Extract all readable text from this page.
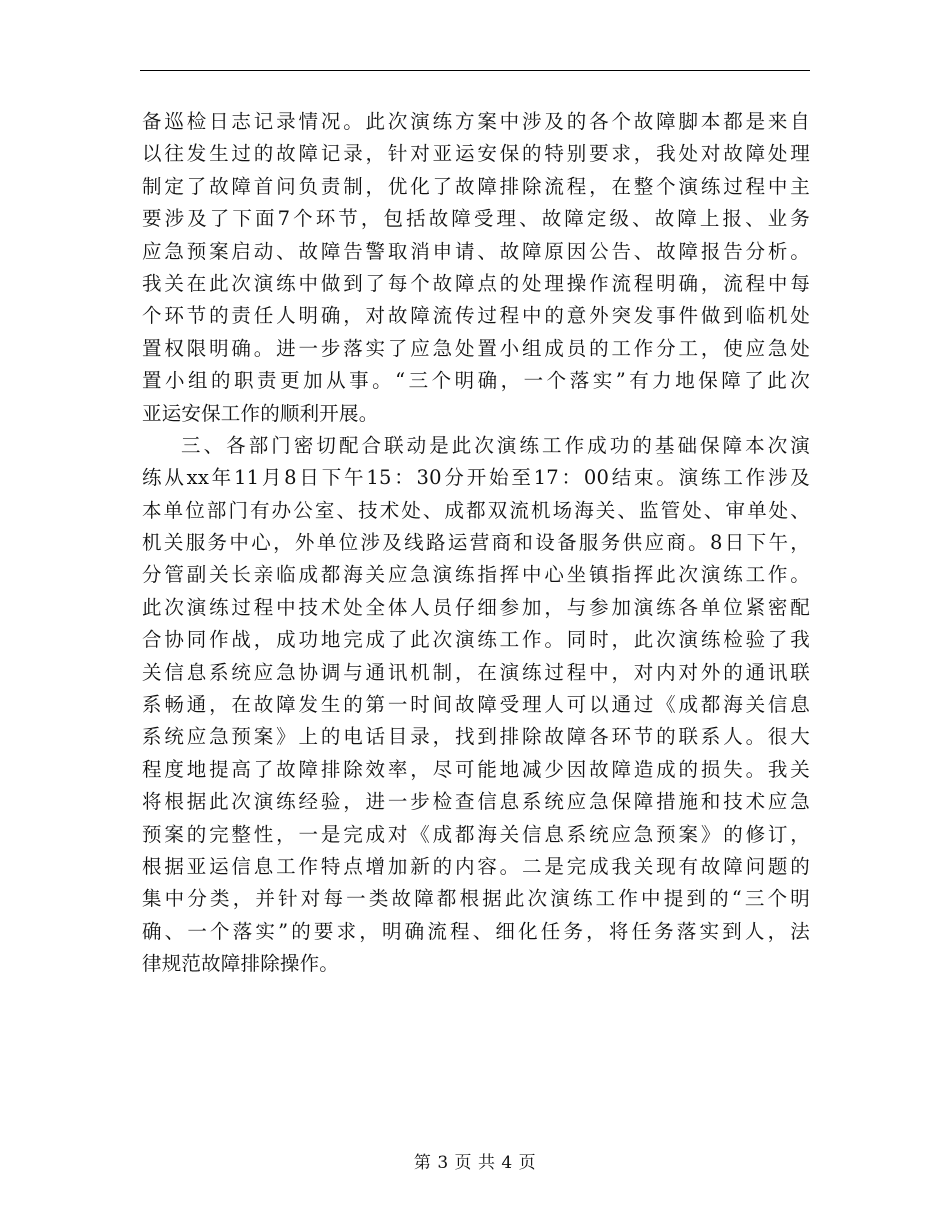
备巡检日志记录情况。此次演练方案中涉及的各个故障脚本都是来自
以往发生过的故障记录，针对亚运安保的特别要求，我处对故障处理
制定了故障首问负责制，优化了故障排除流程，在整个演练过程中主
要涉及了下面7个环节，包括故障受理、故障定级、故障上报、业务
应急预案启动、故障告警取消申请、故障原因公告、故障报告分析。
我关在此次演练中做到了每个故障点的处理操作流程明确，流程中每
个环节的责任人明确，对故障流传过程中的意外突发事件做到临机处
置权限明确。进一步落实了应急处置小组成员的工作分工，使应急处
置小组的职责更加从事。“三个明确，一个落实”有力地保障了此次
亚运安保工作的顺利开展。
三、各部门密切配合联动是此次演练工作成功的基础保障本次演
练从xx年11月8日下午15：30分开始至17：00结束。演练工作涉及
本单位部门有办公室、技术处、成都双流机场海关、监管处、审单处、
机关服务中心，外单位涉及线路运营商和设备服务供应商。8日下午，
分管副关长亲临成都海关应急演练指挥中心坐镇指挥此次演练工作。
此次演练过程中技术处全体人员仔细参加，与参加演练各单位紧密配
合协同作战，成功地完成了此次演练工作。同时，此次演练检验了我
关信息系统应急协调与通讯机制，在演练过程中，对内对外的通讯联
系畅通，在故障发生的第一时间故障受理人可以通过《成都海关信息
系统应急预案》上的电话目录，找到排除故障各环节的联系人。很大
程度地提高了故障排除效率，尽可能地减少因故障造成的损失。我关
将根据此次演练经验，进一步检查信息系统应急保障措施和技术应急
预案的完整性，一是完成对《成都海关信息系统应急预案》的修订，
根据亚运信息工作特点增加新的内容。二是完成我关现有故障问题的
集中分类，并针对每一类故障都根据此次演练工作中提到的“三个明
确、一个落实”的要求，明确流程、细化任务，将任务落实到人，法
律规范故障排除操作。
第 3 页 共 4 页
